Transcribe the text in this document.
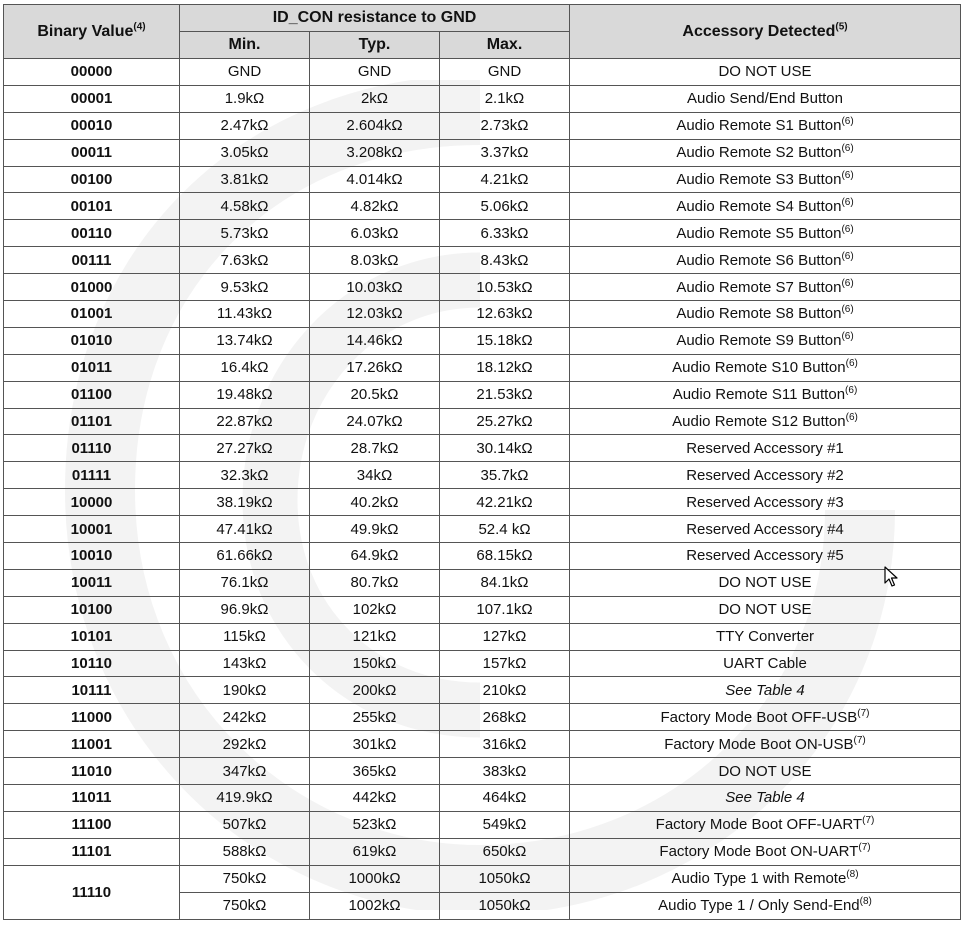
Binary Value$^{(4)}$	ID_CON resistance to GND			Accessory Detected$^{(5)}$
	Min.	Typ.	Max.	
00000	GND	GND	GND	DO NOT USE
00001	1.9kΩ	2kΩ	2.1kΩ	Audio Send/End Button
00010	2.47kΩ	2.604kΩ	2.73kΩ	Audio Remote S1 Button$^{(6)}$
00011	3.05kΩ	3.208kΩ	3.37kΩ	Audio Remote S2 Button$^{(6)}$
00100	3.81kΩ	4.014kΩ	4.21kΩ	Audio Remote S3 Button$^{(6)}$
00101	4.58kΩ	4.82kΩ	5.06kΩ	Audio Remote S4 Button$^{(6)}$
00110	5.73kΩ	6.03kΩ	6.33kΩ	Audio Remote S5 Button$^{(6)}$
00111	7.63kΩ	8.03kΩ	8.43kΩ	Audio Remote S6 Button$^{(6)}$
01000	9.53kΩ	10.03kΩ	10.53kΩ	Audio Remote S7 Button$^{(6)}$
01001	11.43kΩ	12.03kΩ	12.63kΩ	Audio Remote S8 Button$^{(6)}$
01010	13.74kΩ	14.46kΩ	15.18kΩ	Audio Remote S9 Button$^{(6)}$
01011	16.4kΩ	17.26kΩ	18.12kΩ	Audio Remote S10 Button$^{(6)}$
01100	19.48kΩ	20.5kΩ	21.53kΩ	Audio Remote S11 Button$^{(6)}$
01101	22.87kΩ	24.07kΩ	25.27kΩ	Audio Remote S12 Button$^{(6)}$
01110	27.27kΩ	28.7kΩ	30.14kΩ	Reserved Accessory #1
01111	32.3kΩ	34kΩ	35.7kΩ	Reserved Accessory #2
10000	38.19kΩ	40.2kΩ	42.21kΩ	Reserved Accessory #3
10001	47.41kΩ	49.9kΩ	52.4 kΩ	Reserved Accessory #4
10010	61.66kΩ	64.9kΩ	68.15kΩ	Reserved Accessory #5
10011	76.1kΩ	80.7kΩ	84.1kΩ	DO NOT USE
10100	96.9kΩ	102kΩ	107.1kΩ	DO NOT USE
10101	115kΩ	121kΩ	127kΩ	TTY Converter
10110	143kΩ	150kΩ	157kΩ	UART Cable
10111	190kΩ	200kΩ	210kΩ	See Table 4
11000	242kΩ	255kΩ	268kΩ	Factory Mode Boot OFF-USB$^{(7)}$
11001	292kΩ	301kΩ	316kΩ	Factory Mode Boot ON-USB$^{(7)}$
11010	347kΩ	365kΩ	383kΩ	DO NOT USE
11011	419.9kΩ	442kΩ	464kΩ	See Table 4
11100	507kΩ	523kΩ	549kΩ	Factory Mode Boot OFF-UART$^{(7)}$
11101	588kΩ	619kΩ	650kΩ	Factory Mode Boot ON-UART$^{(7)}$
11110	750kΩ	1000kΩ	1050kΩ	Audio Type 1 with Remote$^{(8)}$
	750kΩ	1002kΩ	1050kΩ	Audio Type 1 / Only Send-End$^{(8)}$
